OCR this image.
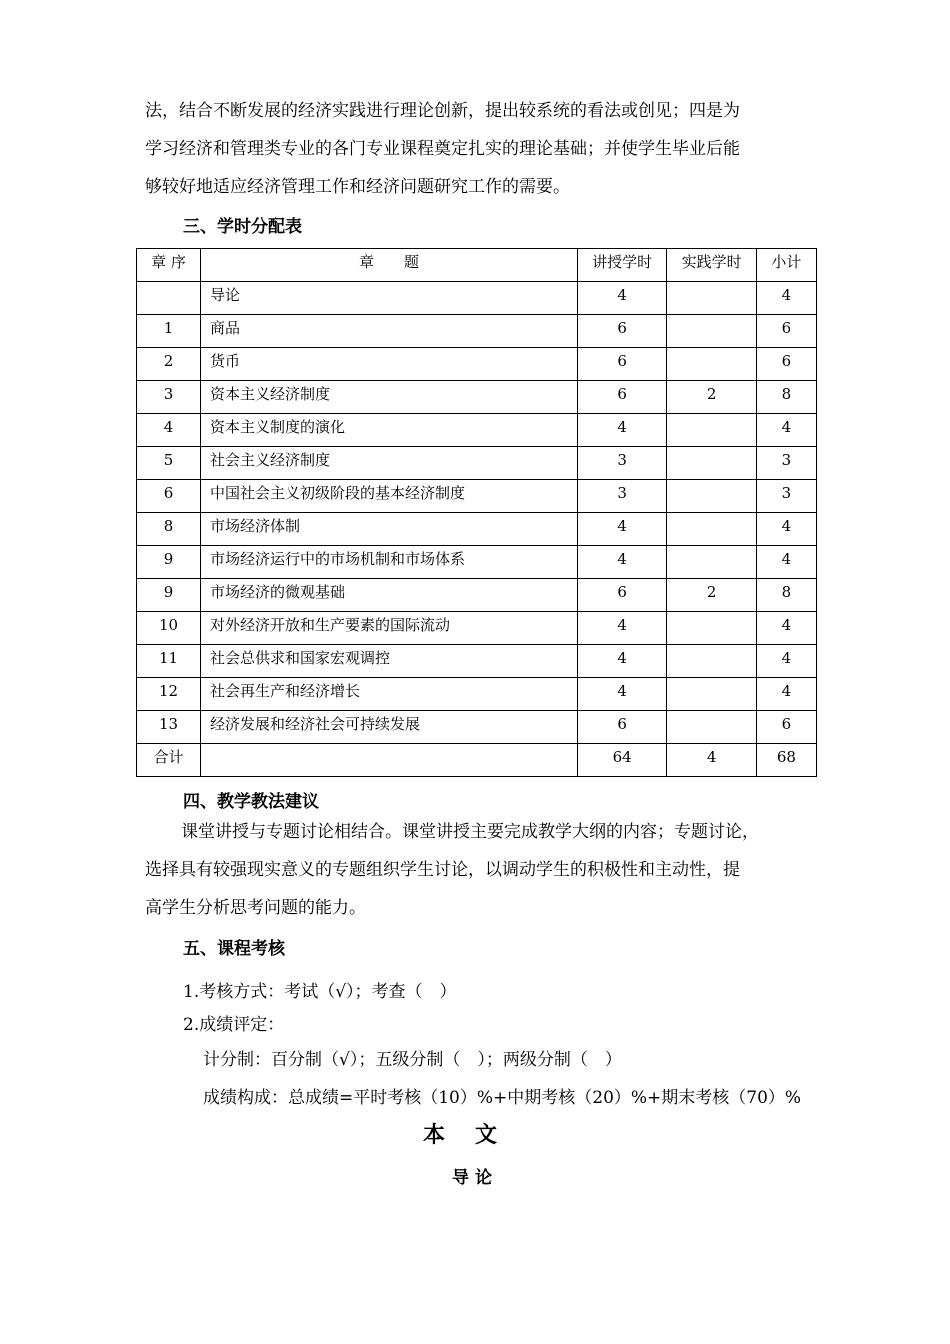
法，结合不断发展的经济实践进行理论创新，提出较系统的看法或创见；四是为
学习经济和管理类专业的各门专业课程奠定扎实的理论基础；并使学生毕业后能
够较好地适应经济管理工作和经济问题研究工作的需要。

三、学时分配表
章 序	章　　题	讲授学时	实践学时	小计
	导论	4		4
1	商品	6		6
2	货币	6		6
3	资本主义经济制度	6	2	8
4	资本主义制度的演化	4		4
5	社会主义经济制度	3		3
6	中国社会主义初级阶段的基本经济制度	3		3
8	市场经济体制	4		4
9	市场经济运行中的市场机制和市场体系	4		4
9	市场经济的微观基础	6	2	8
10	对外经济开放和生产要素的国际流动	4		4
11	社会总供求和国家宏观调控	4		4
12	社会再生产和经济增长	4		4
13	经济发展和经济社会可持续发展	6		6
合计		64	4	68
四、教学教法建议

课堂讲授与专题讨论相结合。课堂讲授主要完成教学大纲的内容；专题讨论，
选择具有较强现实意义的专题组织学生讨论，以调动学生的积极性和主动性，提
高学生分析思考问题的能力。

五、课程考核
1.考核方式：考试（√）；考查（　）
2.成绩评定：
计分制：百分制（√）；五级分制（　）；两级分制（　）
成绩构成：总成绩=平时考核（10）%+中期考核（20）%+期末考核（70）%
本文
导论
